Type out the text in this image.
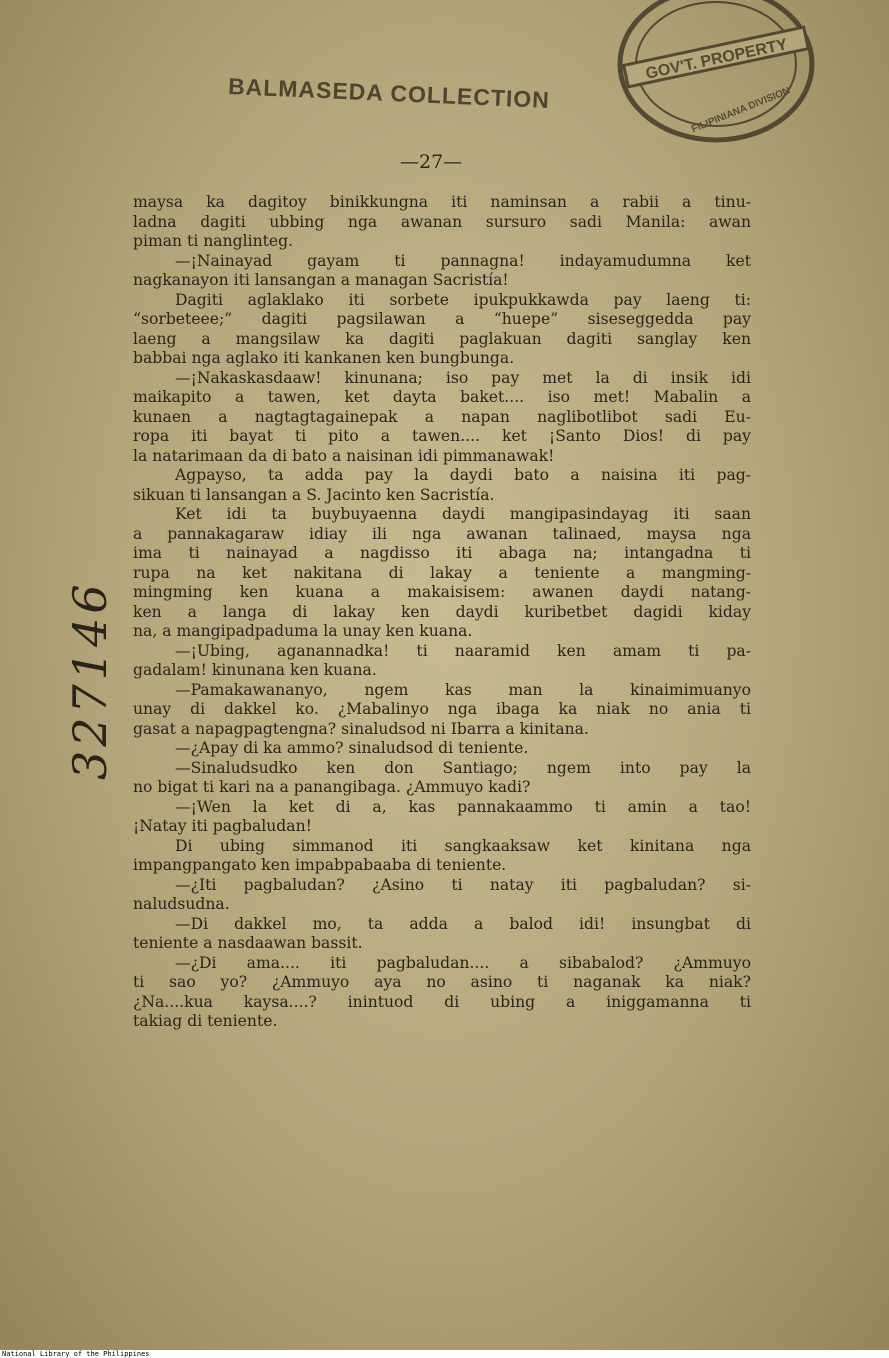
BALMASEDA COLLECTION
GOV'T. PROPERTY
FILIPINIANA DIVISION
—27—
maysa ka dagitoy binikkungna iti naminsan a rabii a tinu-
ladna dagiti ubbing nga awanan sursuro sadi Manila: awan
piman ti nanglinteg.
—¡Nainayad gayam ti pannagna! indayamudumna ket
nagkanayon iti lansangan a managan Sacristía!
Dagiti aglaklako iti sorbete ipukpukkawda pay laeng ti:
“sorbeteee;” dagiti pagsilawan a “huepe” siseseggedda pay
laeng a mangsilaw ka dagiti paglakuan dagiti sanglay ken
babbai nga aglako iti kankanen ken bungbunga.
—¡Nakaskasdaaw! kinunana; iso pay met la di insik idi
maikapito a tawen, ket dayta baket.... iso met! Mabalin a
kunaen a nagtagtagainepak a napan naglibotlibot sadi Eu-
ropa iti bayat ti pito a tawen.... ket ¡Santo Dios! di pay
la natarimaan da di bato a naisinan idi pimmanawak!
Agpayso, ta adda pay la daydi bato a naisina iti pag-
sikuan ti lansangan a S. Jacinto ken Sacristía.
Ket idi ta buybuyaenna daydi mangipasindayag iti saan
a pannakagaraw idiay ili nga awanan talinaed, maysa nga
ima ti nainayad a nagdisso iti abaga na; intangadna ti
rupa na ket nakitana di lakay a teniente a mangming-
mingming ken kuana a makaisisem: awanen daydi natang-
ken a langa di lakay ken daydi kuribetbet dagidi kiday
na, a mangipadpaduma la unay ken kuana.
—¡Ubing, aganannadka! ti naaramid ken amam ti pa-
gadalam! kinunana ken kuana.
—Pamakawananyo, ngem kas man la kinaimimuanyo
unay di dakkel ko. ¿Mabalinyo nga ibaga ka niak no ania ti
gasat a napagpagtengna? sinaludsod ni Ibarra a kinitana.
—¿Apay di ka ammo? sinaludsod di teniente.
—Sinaludsudko ken don Santiago; ngem into pay la
no bigat ti kari na a panangibaga. ¿Ammuyo kadi?
—¡Wen la ket di a, kas pannakaammo ti amin a tao!
¡Natay iti pagbaludan!
Di ubing simmanod iti sangkaaksaw ket kinitana nga
impangpangato ken impabpabaaba di teniente.
—¿Iti pagbaludan? ¿Asino ti natay iti pagbaludan? si-
naludsudna.
—Di dakkel mo, ta adda a balod idi! insungbat di
teniente a nasdaawan bassit.
—¿Di ama.... iti pagbaludan.... a sibabalod? ¿Ammuyo
ti sao yo? ¿Ammuyo aya no asino ti naganak ka niak?
¿Na....kua kaysa....? inintuod di ubing a iniggamanna ti
takiag di teniente.
327146
National Library of the Philippines
